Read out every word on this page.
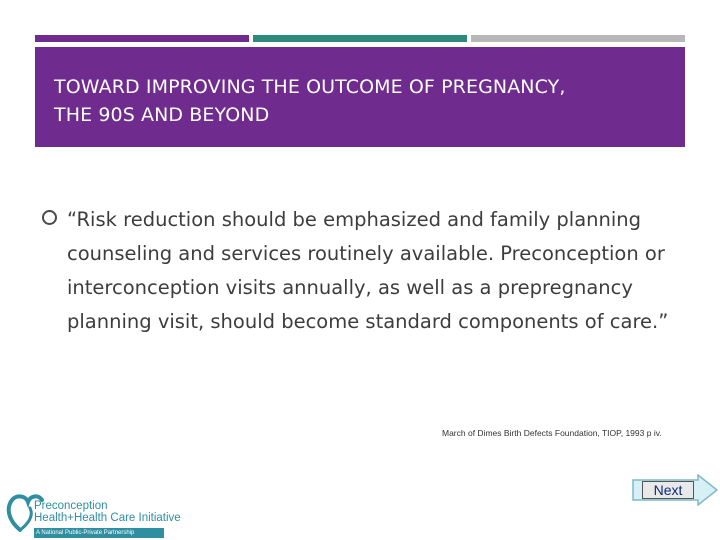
TOWARD IMPROVING THE OUTCOME OF PREGNANCY,
THE 90S AND BEYOND
“Risk reduction should be emphasized and family planning counseling and services routinely available. Preconception or interconception visits annually, as well as a prepregnancy planning visit, should become standard components of care.”
March of Dimes Birth Defects Foundation, TIOP, 1993 p iv.
Preconception
Health+Health Care Initiative
A National Public-Private Partnership
Next
